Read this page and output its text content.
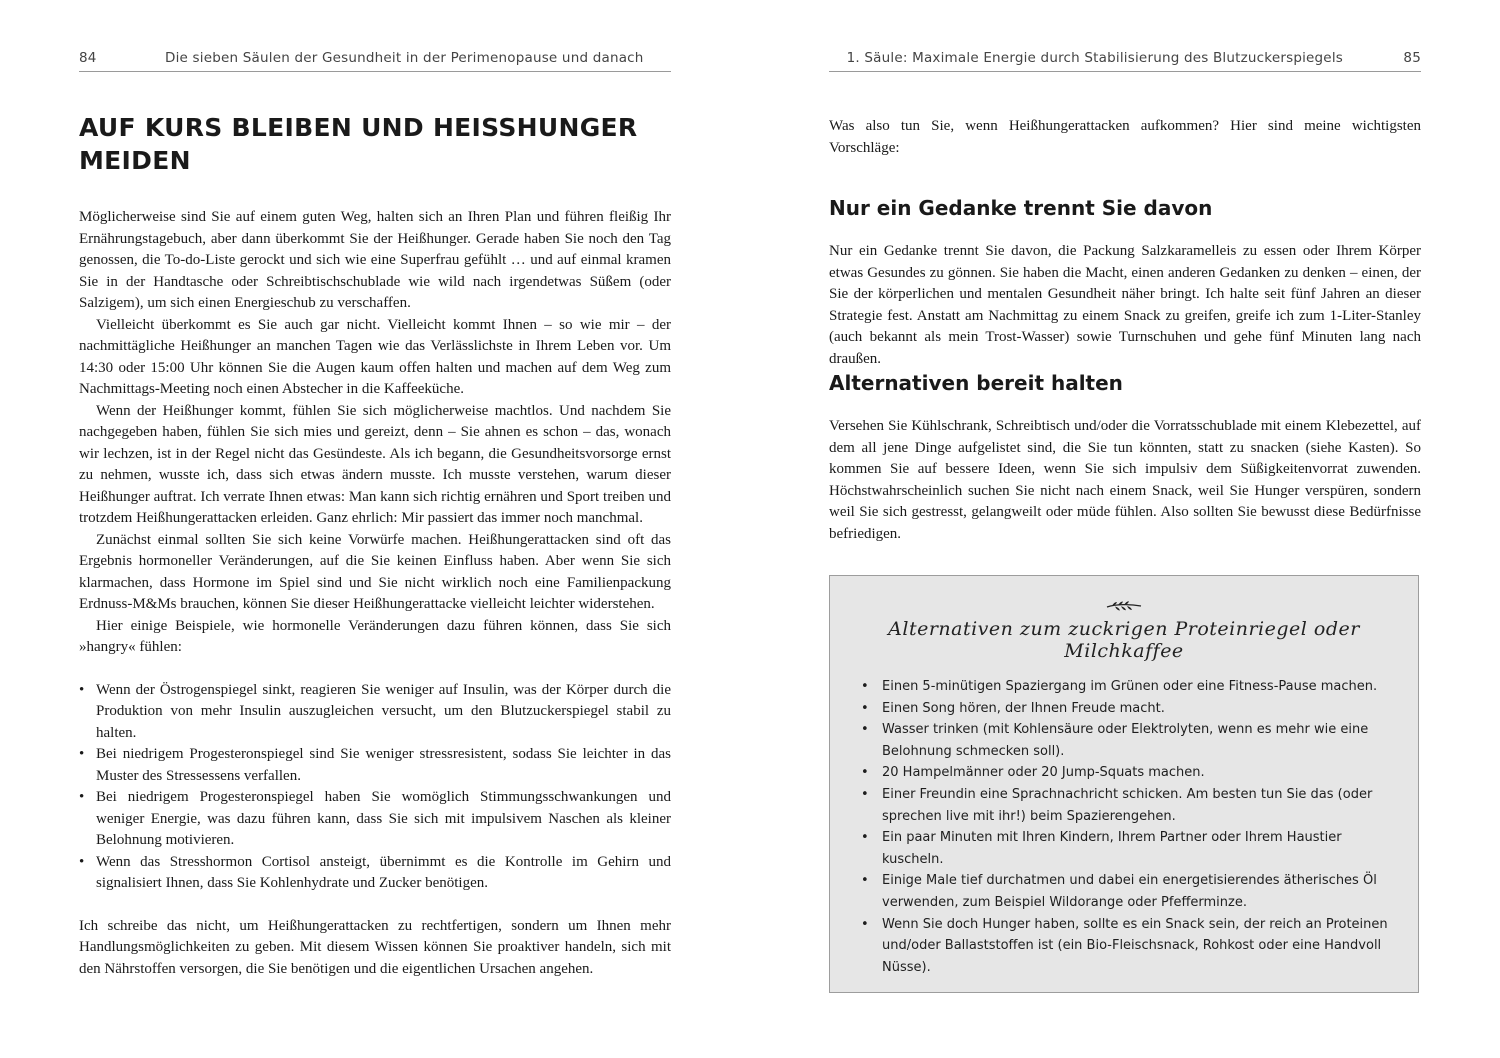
84	Die sieben Säulen der Gesundheit in der Perimenopause und danach
AUF KURS BLEIBEN UND HEISSHUNGER
MEIDEN

Möglicherweise sind Sie auf einem guten Weg, halten sich an Ihren Plan und führen fleißig Ihr Ernährungstagebuch, aber dann überkommt Sie der Heißhunger. Gerade haben Sie noch den Tag genossen, die To-do-Liste gerockt und sich wie eine Superfrau gefühlt … und auf einmal kramen Sie in der Handtasche oder Schreibtischschublade wie wild nach irgendetwas Süßem (oder Salzigem), um sich einen Energieschub zu verschaffen.

Vielleicht überkommt es Sie auch gar nicht. Vielleicht kommt Ihnen – so wie mir – der nachmittägliche Heißhunger an manchen Tagen wie das Verlässlichste in Ihrem Leben vor. Um 14:30 oder 15:00 Uhr können Sie die Augen kaum offen halten und machen auf dem Weg zum Nachmittags-Meeting noch einen Abstecher in die Kaffeeküche.

Wenn der Heißhunger kommt, fühlen Sie sich möglicherweise machtlos. Und nachdem Sie nachgegeben haben, fühlen Sie sich mies und gereizt, denn – Sie ahnen es schon – das, wonach wir lechzen, ist in der Regel nicht das Gesündeste. Als ich begann, die Gesundheitsvorsorge ernst zu nehmen, wusste ich, dass sich etwas ändern musste. Ich musste verstehen, warum dieser Heißhunger auftrat. Ich verrate Ihnen etwas: Man kann sich richtig ernähren und Sport treiben und trotzdem Heißhungerattacken erleiden. Ganz ehrlich: Mir passiert das immer noch manchmal.

Zunächst einmal sollten Sie sich keine Vorwürfe machen. Heißhungerattacken sind oft das Ergebnis hormoneller Veränderungen, auf die Sie keinen Einfluss haben. Aber wenn Sie sich klarmachen, dass Hormone im Spiel sind und Sie nicht wirklich noch eine Familienpackung Erdnuss-M&Ms brauchen, können Sie dieser Heißhungerattacke vielleicht leichter widerstehen.

Hier einige Beispiele, wie hormonelle Veränderungen dazu führen können, dass Sie sich »hangry« fühlen:

• Wenn der Östrogenspiegel sinkt, reagieren Sie weniger auf Insulin, was der Körper durch die Produktion von mehr Insulin auszugleichen versucht, um den Blutzuckerspiegel stabil zu halten.
• Bei niedrigem Progesteronspiegel sind Sie weniger stressresistent, sodass Sie leichter in das Muster des Stressessens verfallen.
• Bei niedrigem Progesteronspiegel haben Sie womöglich Stimmungsschwankungen und weniger Energie, was dazu führen kann, dass Sie sich mit impulsivem Naschen als kleiner Belohnung motivieren.
• Wenn das Stresshormon Cortisol ansteigt, übernimmt es die Kontrolle im Gehirn und signalisiert Ihnen, dass Sie Kohlenhydrate und Zucker benötigen.

Ich schreibe das nicht, um Heißhungerattacken zu rechtfertigen, sondern um Ihnen mehr Handlungsmöglichkeiten zu geben. Mit diesem Wissen können Sie proaktiver handeln, sich mit den Nährstoffen versorgen, die Sie benötigen und die eigentlichen Ursachen angehen.

1. Säule: Maximale Energie durch Stabilisierung des Blutzuckerspiegels	85

Was also tun Sie, wenn Heißhungerattacken aufkommen? Hier sind meine wichtigsten Vorschläge:

Nur ein Gedanke trennt Sie davon

Nur ein Gedanke trennt Sie davon, die Packung Salzkaramelleis zu essen oder Ihrem Körper etwas Gesundes zu gönnen. Sie haben die Macht, einen anderen Gedanken zu denken – einen, der Sie der körperlichen und mentalen Gesundheit näher bringt. Ich halte seit fünf Jahren an dieser Strategie fest. Anstatt am Nachmittag zu einem Snack zu greifen, greife ich zum 1-Liter-Stanley (auch bekannt als mein Trost-Wasser) sowie Turnschuhen und gehe fünf Minuten lang nach draußen.

Alternativen bereit halten

Versehen Sie Kühlschrank, Schreibtisch und/oder die Vorratsschublade mit einem Klebezettel, auf dem all jene Dinge aufgelistet sind, die Sie tun könnten, statt zu snacken (siehe Kasten). So kommen Sie auf bessere Ideen, wenn Sie sich impulsiv dem Süßigkeitenvorrat zuwenden. Höchstwahrscheinlich suchen Sie nicht nach einem Snack, weil Sie Hunger verspüren, sondern weil Sie sich gestresst, gelangweilt oder müde fühlen. Also sollten Sie bewusst diese Bedürfnisse befriedigen.

Alternativen zum zuckrigen Proteinriegel oder Milchkaffee
• Einen 5-minütigen Spaziergang im Grünen oder eine Fitness-Pause machen.
• Einen Song hören, der Ihnen Freude macht.
• Wasser trinken (mit Kohlensäure oder Elektrolyten, wenn es mehr wie eine Belohnung schmecken soll).
• 20 Hampelmänner oder 20 Jump-Squats machen.
• Einer Freundin eine Sprachnachricht schicken. Am besten tun Sie das (oder sprechen live mit ihr!) beim Spazierengehen.
• Ein paar Minuten mit Ihren Kindern, Ihrem Partner oder Ihrem Haustier kuscheln.
• Einige Male tief durchatmen und dabei ein energetisierendes ätherisches Öl verwenden, zum Beispiel Wildorange oder Pfefferminze.
• Wenn Sie doch Hunger haben, sollte es ein Snack sein, der reich an Proteinen und/oder Ballaststoffen ist (ein Bio-Fleischsnack, Rohkost oder eine Handvoll Nüsse).
